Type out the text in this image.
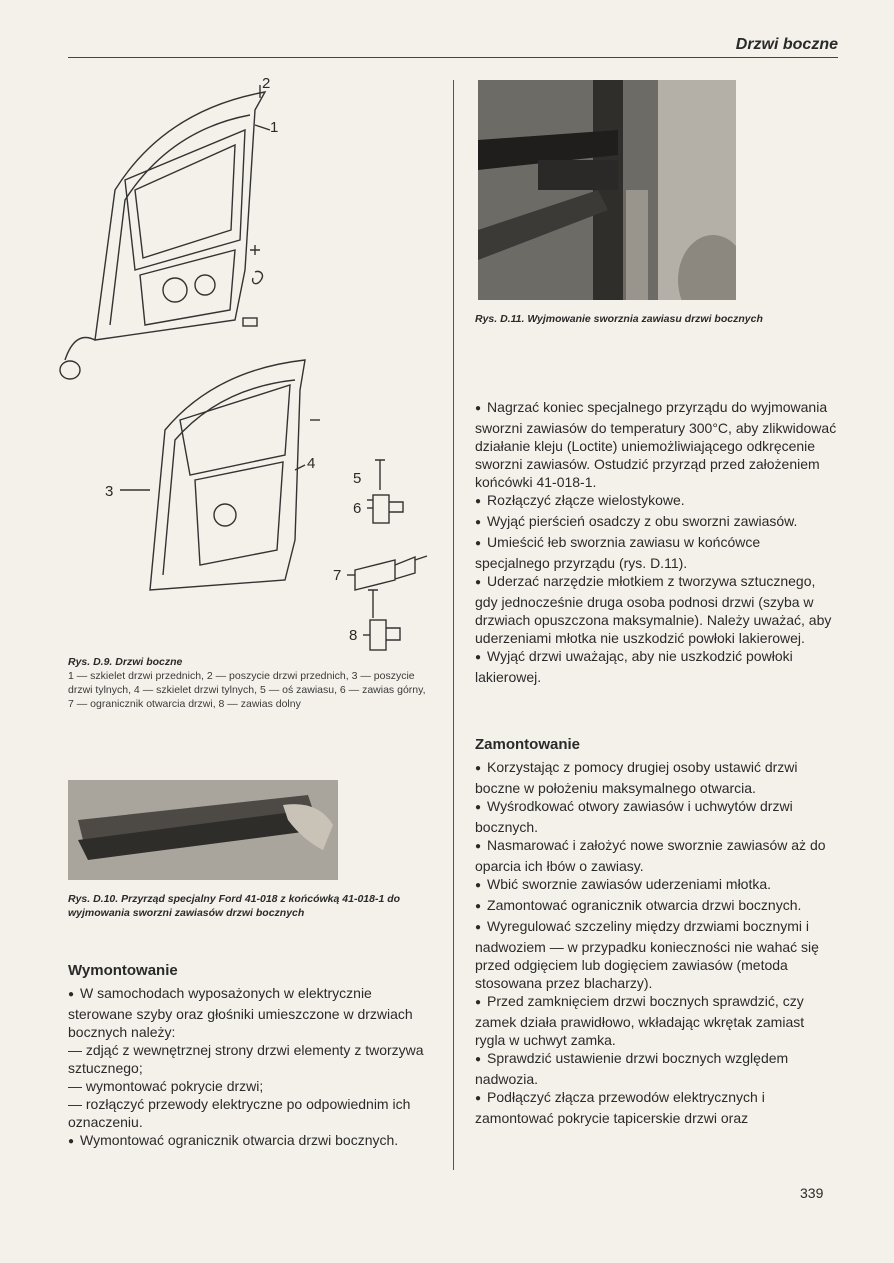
Drzwi boczne
2
1
3
4
5
6
7
8
Rys. D.9. Drzwi boczne
1 — szkielet drzwi przednich, 2 — poszycie drzwi przednich, 3 — poszycie drzwi tylnych, 4 — szkielet drzwi tylnych, 5 — oś zawiasu, 6 — zawias górny, 7 — ogranicznik otwarcia drzwi, 8 — zawias dolny
Rys. D.10. Przyrząd specjalny Ford 41-018 z końcówką 41-018-1 do wyjmowania sworzni zawiasów drzwi bocznych
Rys. D.11. Wyjmowanie sworznia zawiasu drzwi bocznych
Wymontowanie

● W samochodach wyposażonych w elektrycznie sterowane szyby oraz głośniki umieszczone w drzwiach bocznych należy:

— zdjąć z wewnętrznej strony drzwi elementy z tworzywa sztucznego;

— wymontować pokrycie drzwi;

— rozłączyć przewody elektryczne po odpowiednim ich oznaczeniu.

● Wymontować ogranicznik otwarcia drzwi bocznych.

● Nagrzać koniec specjalnego przyrządu do wyjmowania sworzni zawiasów do temperatury 300°C, aby zlikwidować działanie kleju (Loctite) uniemożliwiającego odkręcenie sworzni zawiasów. Ostudzić przyrząd przed założeniem końcówki 41-018-1.

● Rozłączyć złącze wielostykowe.

● Wyjąć pierścień osadczy z obu sworzni zawiasów.

● Umieścić łeb sworznia zawiasu w końcówce specjalnego przyrządu (rys. D.11).

● Uderzać narzędzie młotkiem z tworzywa sztucznego, gdy jednocześnie druga osoba podnosi drzwi (szyba w drzwiach opuszczona maksymalnie). Należy uważać, aby uderzeniami młotka nie uszkodzić powłoki lakierowej.

● Wyjąć drzwi uważając, aby nie uszkodzić powłoki lakierowej.

Zamontowanie

● Korzystając z pomocy drugiej osoby ustawić drzwi boczne w położeniu maksymalnego otwarcia.

● Wyśrodkować otwory zawiasów i uchwytów drzwi bocznych.

● Nasmarować i założyć nowe sworznie zawiasów aż do oparcia ich łbów o zawiasy.

● Wbić sworznie zawiasów uderzeniami młotka.

● Zamontować ogranicznik otwarcia drzwi bocznych.

● Wyregulować szczeliny między drzwiami bocznymi i nadwoziem — w przypadku konieczności nie wahać się przed odgięciem lub dogięciem zawiasów (metoda stosowana przez blacharzy).

● Przed zamknięciem drzwi bocznych sprawdzić, czy zamek działa prawidłowo, wkładając wkrętak zamiast rygla w uchwyt zamka.

● Sprawdzić ustawienie drzwi bocznych względem nadwozia.

● Podłączyć złącza przewodów elektrycznych i zamontować pokrycie tapicerskie drzwi oraz

339
